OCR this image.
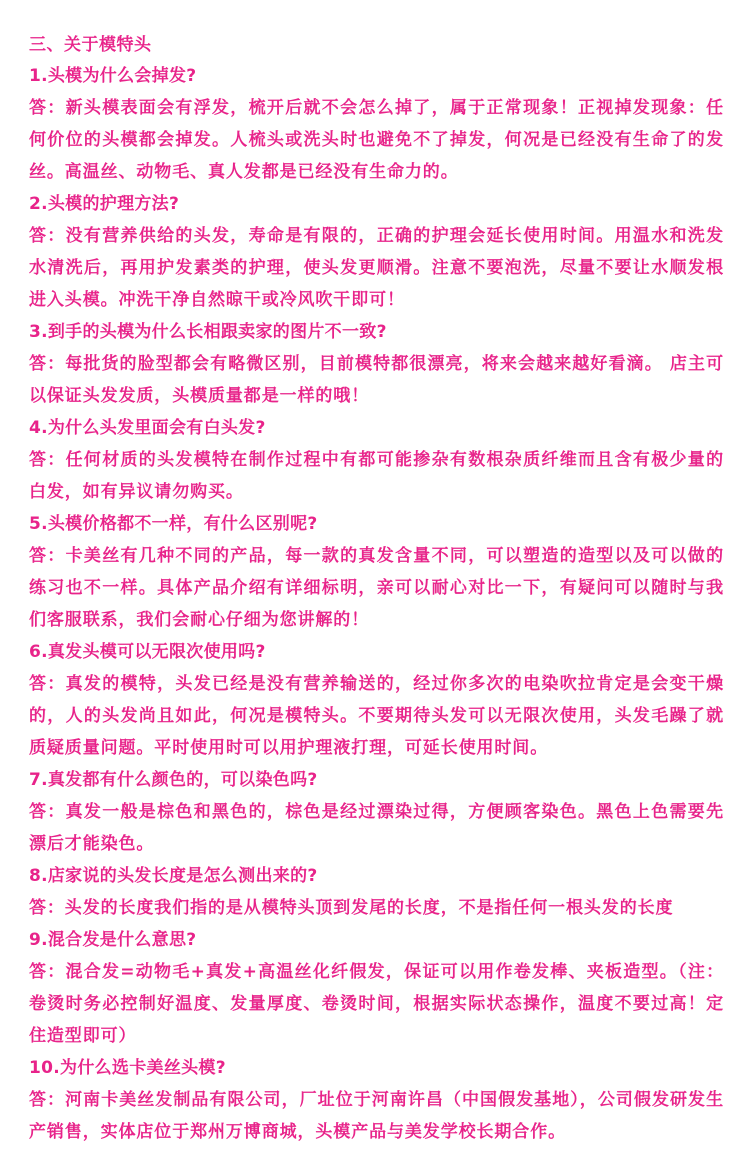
三、关于模特头
1.头模为什么会掉发?
答：新头模表面会有浮发，梳开后就不会怎么掉了，属于正常现象！正视掉发现象：任何价位的头模都会掉发。人梳头或洗头时也避免不了掉发，何况是已经没有生命了的发丝。高温丝、动物毛、真人发都是已经没有生命力的。
2.头模的护理方法?
答：没有营养供给的头发，寿命是有限的，正确的护理会延长使用时间。用温水和洗发水清洗后，再用护发素类的护理，使头发更顺滑。注意不要泡洗，尽量不要让水顺发根进入头模。冲洗干净自然晾干或冷风吹干即可！
3.到手的头模为什么长相跟卖家的图片不一致?
答：每批货的脸型都会有略微区别，目前模特都很漂亮，将来会越来越好看滴。 店主可以保证头发发质，头模质量都是一样的哦！
4.为什么头发里面会有白头发?
答：任何材质的头发模特在制作过程中有都可能掺杂有数根杂质纤维而且含有极少量的白发，如有异议请勿购买。
5.头模价格都不一样，有什么区别呢?
答：卡美丝有几种不同的产品，每一款的真发含量不同，可以塑造的造型以及可以做的练习也不一样。具体产品介绍有详细标明，亲可以耐心对比一下，有疑问可以随时与我们客服联系，我们会耐心仔细为您讲解的！
6.真发头模可以无限次使用吗?
答：真发的模特，头发已经是没有营养输送的，经过你多次的电染吹拉肯定是会变干燥的，人的头发尚且如此，何况是模特头。不要期待头发可以无限次使用，头发毛躁了就质疑质量问题。平时使用时可以用护理液打理，可延长使用时间。
7.真发都有什么颜色的，可以染色吗?
答：真发一般是棕色和黑色的，棕色是经过漂染过得，方便顾客染色。黑色上色需要先漂后才能染色。
8.店家说的头发长度是怎么测出来的?
答：头发的长度我们指的是从模特头顶到发尾的长度，不是指任何一根头发的长度
9.混合发是什么意思?
答：混合发=动物毛+真发+高温丝化纤假发，保证可以用作卷发棒、夹板造型。（注：卷烫时务必控制好温度、发量厚度、卷烫时间，根据实际状态操作，温度不要过高！定住造型即可）
10.为什么选卡美丝头模?
答：河南卡美丝发制品有限公司，厂址位于河南许昌（中国假发基地），公司假发研发生产销售，实体店位于郑州万博商城，头模产品与美发学校长期合作。
